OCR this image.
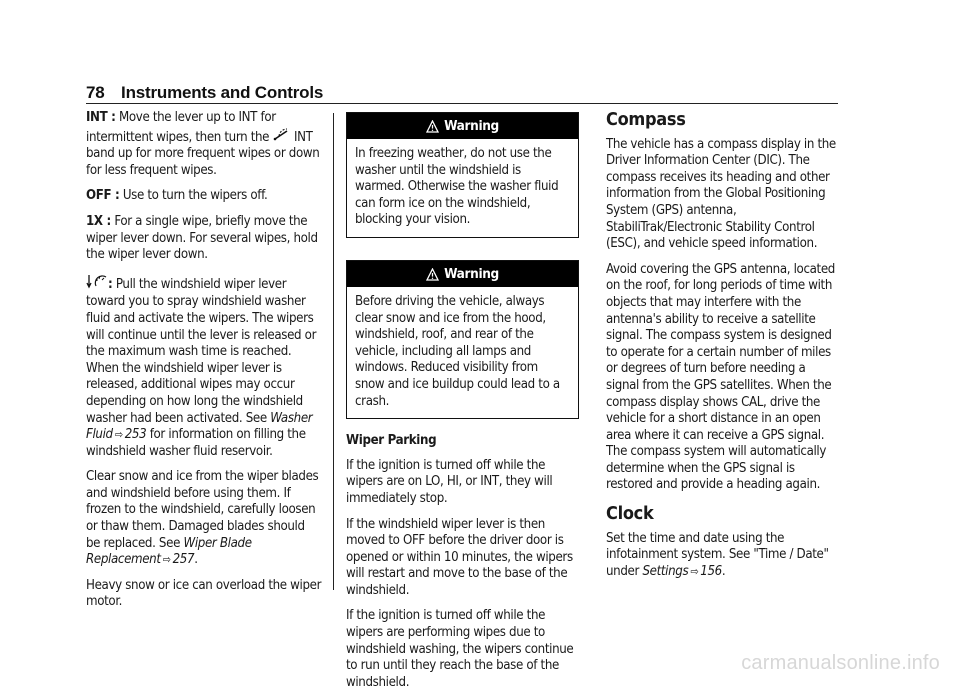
78 Instruments and Controls

INT : Move the lever up to INT for intermittent wipes, then turn the INT band up for more frequent wipes or down for less frequent wipes.

OFF : Use to turn the wipers off.

1X : For a single wipe, briefly move the wiper lever down. For several wipes, hold the wiper lever down.

: Pull the windshield wiper lever toward you to spray windshield washer fluid and activate the wipers. The wipers will continue until the lever is released or the maximum wash time is reached. When the windshield wiper lever is released, additional wipes may occur depending on how long the windshield washer had been activated. See Washer Fluid ⇨ 253 for information on filling the windshield washer fluid reservoir.

Clear snow and ice from the wiper blades and windshield before using them. If frozen to the windshield, carefully loosen or thaw them. Damaged blades should be replaced. See Wiper Blade Replacement ⇨ 257.

Heavy snow or ice can overload the wiper motor.

Warning
In freezing weather, do not use the washer until the windshield is warmed. Otherwise the washer fluid can form ice on the windshield, blocking your vision.
Warning
Before driving the vehicle, always clear snow and ice from the hood, windshield, roof, and rear of the vehicle, including all lamps and windows. Reduced visibility from snow and ice buildup could lead to a crash.

Wiper Parking

If the ignition is turned off while the wipers are on LO, HI, or INT, they will immediately stop.

If the windshield wiper lever is then moved to OFF before the driver door is opened or within 10 minutes, the wipers will restart and move to the base of the windshield.

If the ignition is turned off while the wipers are performing wipes due to windshield washing, the wipers continue to run until they reach the base of the windshield.

Compass

The vehicle has a compass display in the Driver Information Center (DIC). The compass receives its heading and other information from the Global Positioning System (GPS) antenna, StabiliTrak/Electronic Stability Control (ESC), and vehicle speed information.

Avoid covering the GPS antenna, located on the roof, for long periods of time with objects that may interfere with the antenna's ability to receive a satellite signal. The compass system is designed to operate for a certain number of miles or degrees of turn before needing a signal from the GPS satellites. When the compass display shows CAL, drive the vehicle for a short distance in an open area where it can receive a GPS signal. The compass system will automatically determine when the GPS signal is restored and provide a heading again.

Clock

Set the time and date using the infotainment system. See "Time / Date" under Settings ⇨ 156.

carmanualsonline.info
